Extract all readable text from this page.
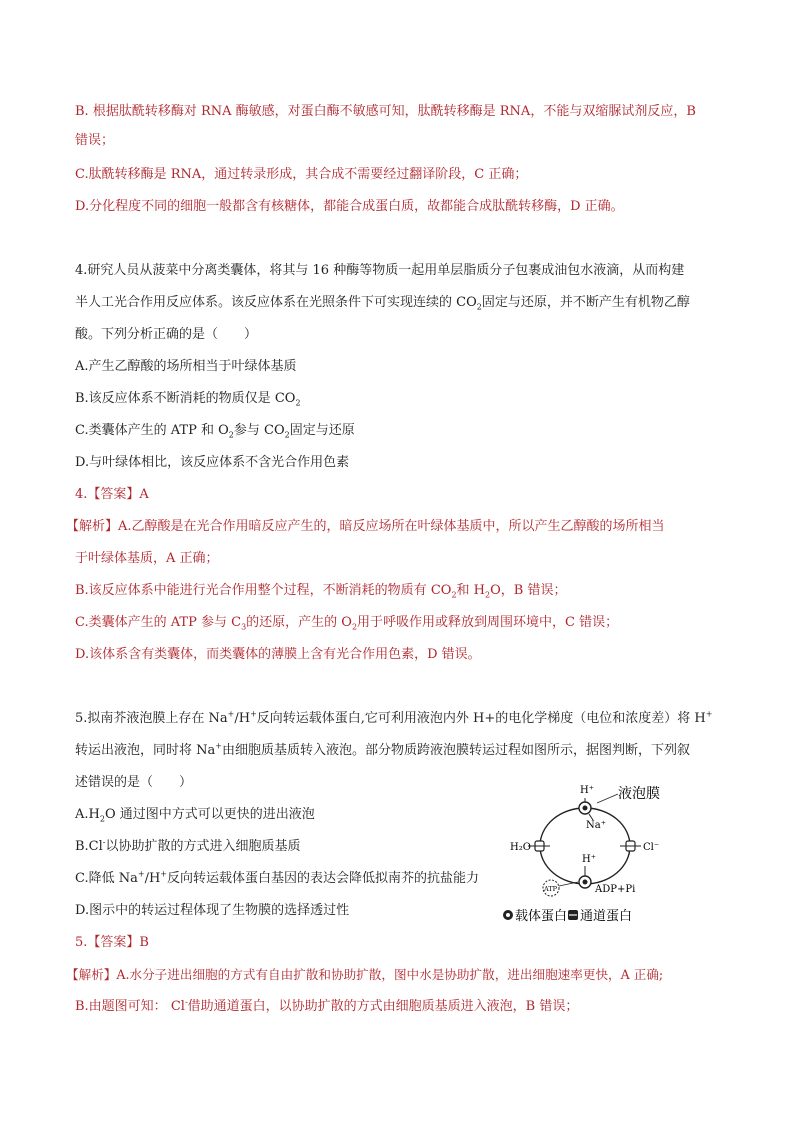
B. 根据肽酰转移酶对 RNA 酶敏感，对蛋白酶不敏感可知，肽酰转移酶是 RNA，不能与双缩脲试剂反应，B
错误；
C.肽酰转移酶是 RNA，通过转录形成，其合成不需要经过翻译阶段，C 正确；
D.分化程度不同的细胞一般都含有核糖体，都能合成蛋白质，故都能合成肽酰转移酶，D 正确。
4.研究人员从菠菜中分离类囊体，将其与 16 种酶等物质一起用单层脂质分子包裹成油包水液滴，从而构建
半人工光合作用反应体系。该反应体系在光照条件下可实现连续的 $CO_2$固定与还原，并不断产生有机物乙醇
酸。下列分析正确的是（　　）
A.产生乙醇酸的场所相当于叶绿体基质
B.该反应体系不断消耗的物质仅是 $CO_2$
C.类囊体产生的 ATP 和 $O_2$参与 $CO_2$固定与还原
D.与叶绿体相比，该反应体系不含光合作用色素
4.【答案】A
【解析】A.乙醇酸是在光合作用暗反应产生的，暗反应场所在叶绿体基质中，所以产生乙醇酸的场所相当
于叶绿体基质，A 正确；
B.该反应体系中能进行光合作用整个过程，不断消耗的物质有 $CO_2$和 $H_2O$，B 错误；
C.类囊体产生的 ATP 参与 $C_3$的还原，产生的 $O_2$用于呼吸作用或释放到周围环境中，C 错误；
D.该体系含有类囊体，而类囊体的薄膜上含有光合作用色素，D 错误。
5.拟南芥液泡膜上存在 Na+/H+反向转运载体蛋白,它可利用液泡内外 H+的电化学梯度（电位和浓度差）将 H+
转运出液泡，同时将 Na+由细胞质基质转入液泡。部分物质跨液泡膜转运过程如图所示，据图判断，下列叙
述错误的是（　　）
$A.H_2O$ 通过图中方式可以更快的进出液泡
B.Cl-以协助扩散的方式进入细胞质基质
C.降低 Na+/H+反向转运载体蛋白基因的表达会降低拟南芥的抗盐能力
D.图示中的转运过程体现了生物膜的选择透过性
5.【答案】B
【解析】A.水分子进出细胞的方式有自由扩散和协助扩散，图中水是协助扩散，进出细胞速率更快，A 正确;
B.由题图可知： Cl-借助通道蛋白，以协助扩散的方式由细胞质基质进入液泡，B 错误；
H⁺ 液泡膜
Na⁺
H₂O	Cl⁻
H⁺
ATP	ADP+Pi
载体蛋白 通道蛋白
